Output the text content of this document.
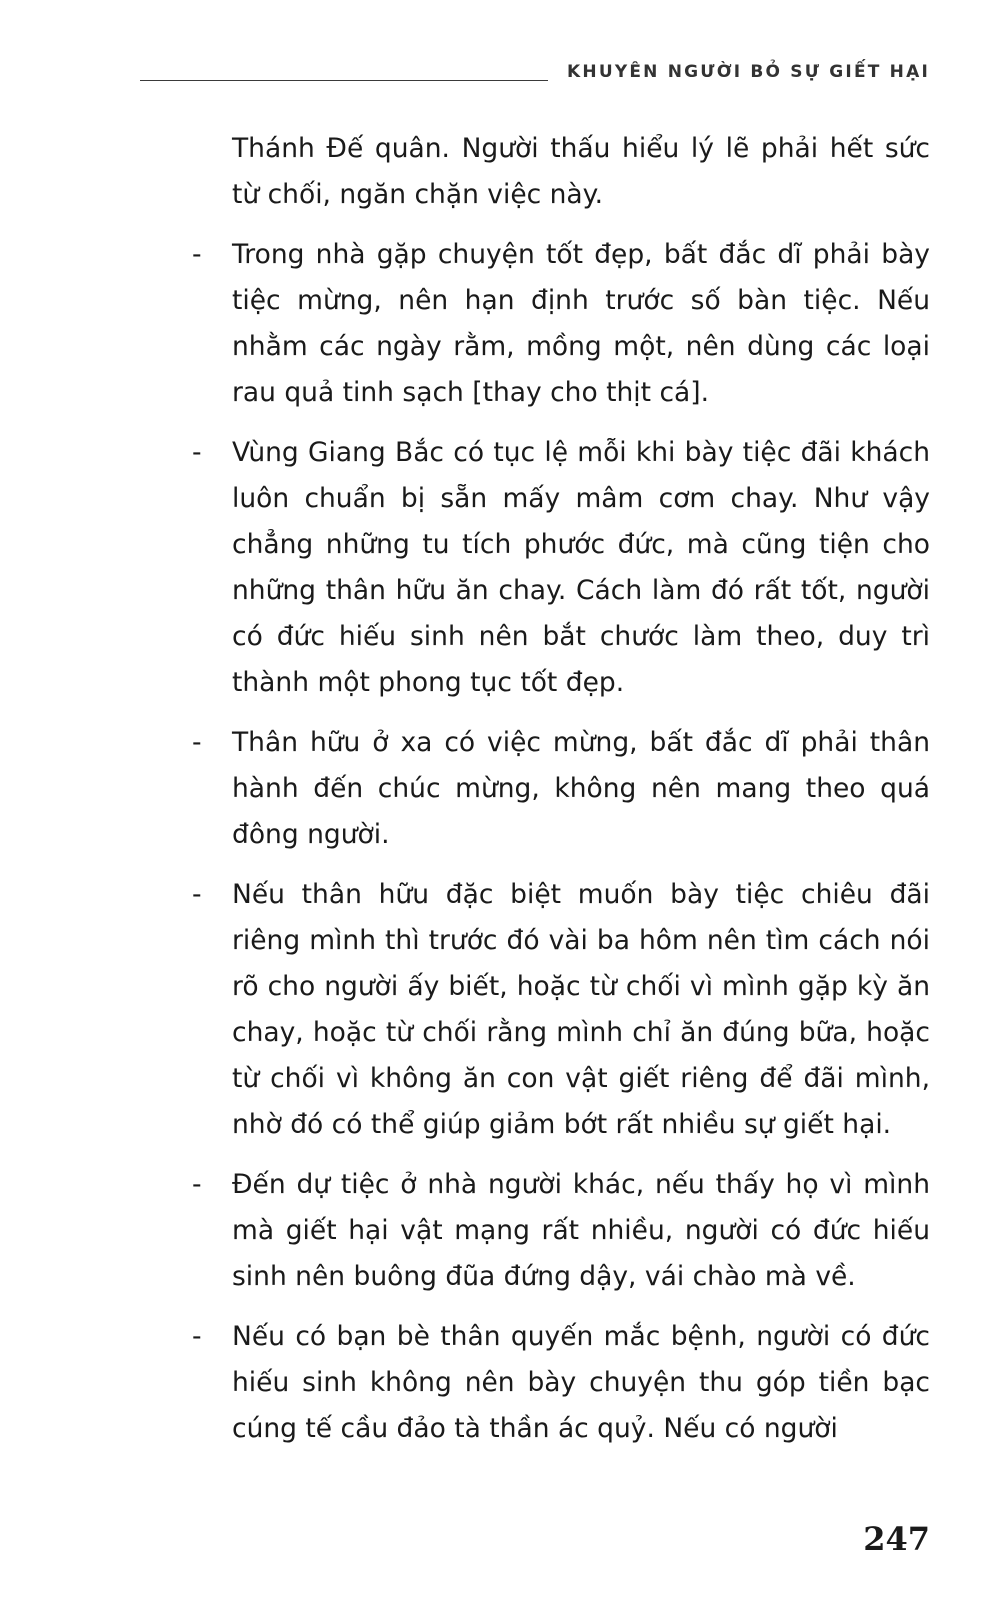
KHUYÊN NGƯỜI BỎ SỰ GIẾT HẠI

Thánh Đế quân. Người thấu hiểu lý lẽ phải hết sức từ chối, ngăn chặn việc này.

- Trong nhà gặp chuyện tốt đẹp, bất đắc dĩ phải bày tiệc mừng, nên hạn định trước số bàn tiệc. Nếu nhằm các ngày rằm, mồng một, nên dùng các loại rau quả tinh sạch [thay cho thịt cá].

- Vùng Giang Bắc có tục lệ mỗi khi bày tiệc đãi khách luôn chuẩn bị sẵn mấy mâm cơm chay. Như vậy chẳng những tu tích phước đức, mà cũng tiện cho những thân hữu ăn chay. Cách làm đó rất tốt, người có đức hiếu sinh nên bắt chước làm theo, duy trì thành một phong tục tốt đẹp.

- Thân hữu ở xa có việc mừng, bất đắc dĩ phải thân hành đến chúc mừng, không nên mang theo quá đông người.

- Nếu thân hữu đặc biệt muốn bày tiệc chiêu đãi riêng mình thì trước đó vài ba hôm nên tìm cách nói rõ cho người ấy biết, hoặc từ chối vì mình gặp kỳ ăn chay, hoặc từ chối rằng mình chỉ ăn đúng bữa, hoặc từ chối vì không ăn con vật giết riêng để đãi mình, nhờ đó có thể giúp giảm bớt rất nhiều sự giết hại.

- Đến dự tiệc ở nhà người khác, nếu thấy họ vì mình mà giết hại vật mạng rất nhiều, người có đức hiếu sinh nên buông đũa đứng dậy, vái chào mà về.

- Nếu có bạn bè thân quyến mắc bệnh, người có đức hiếu sinh không nên bày chuyện thu góp tiền bạc cúng tế cầu đảo tà thần ác quỷ. Nếu có người

247
